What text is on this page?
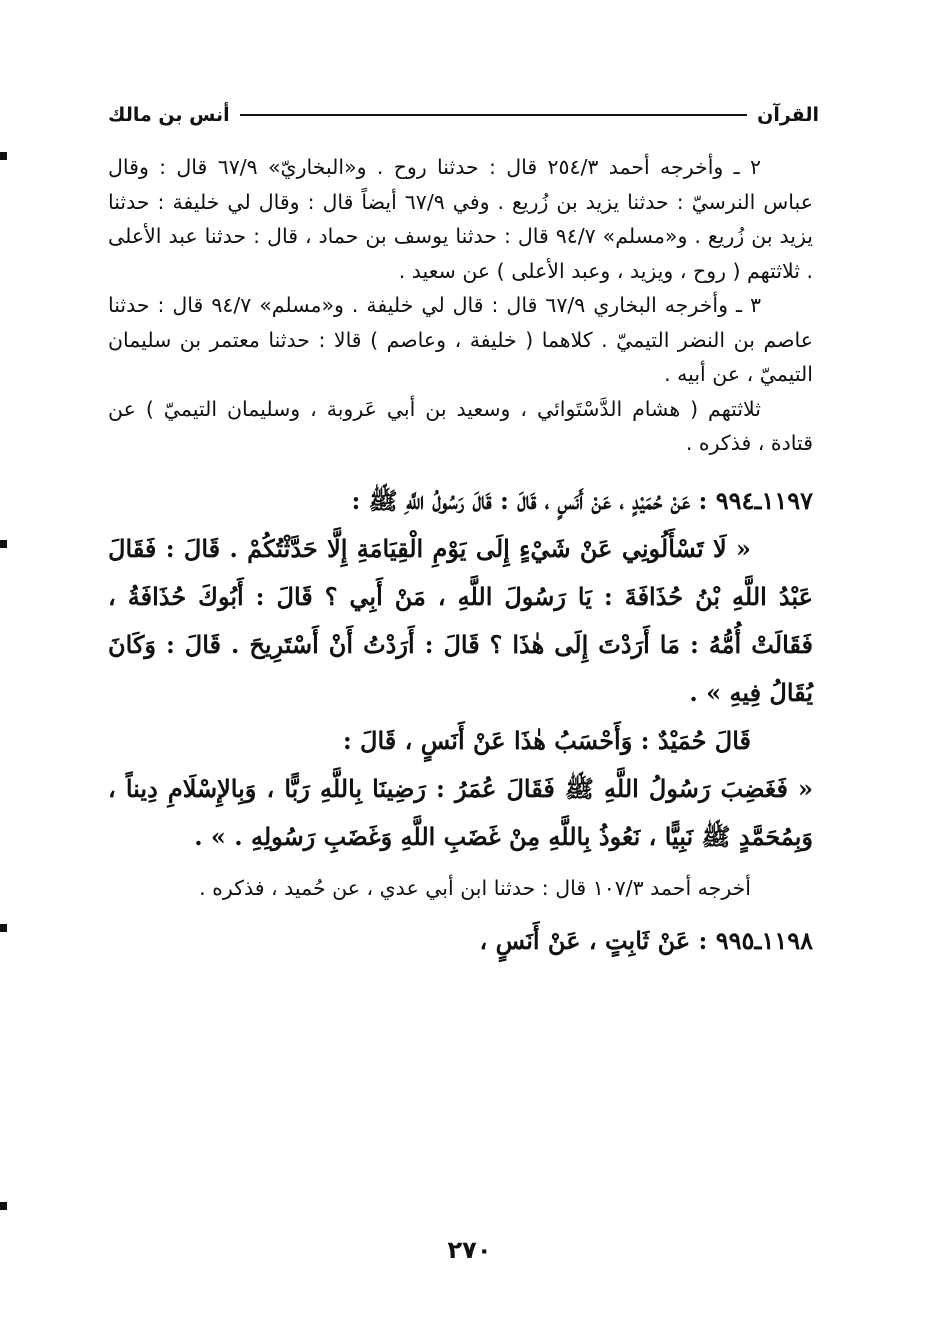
القرآن
أنس بن مالك

٢ ـ وأخرجه أحمد ٢٥٤/٣ قال : حدثنا روح . و«البخاريّ» ٦٧/٩ قال : وقال عباس النرسيّ : حدثنا يزيد بن زُريع . وفي ٦٧/٩ أيضاً قال : وقال لي خليفة : حدثنا يزيد بن زُريع . و«مسلم» ٩٤/٧ قال : حدثنا يوسف بن حماد ، قال : حدثنا عبد الأعلى . ثلاثتهم ( روح ، ويزيد ، وعبد الأعلى ) عن سعيد .

٣ ـ وأخرجه البخاري ٦٧/٩ قال : قال لي خليفة . و«مسلم» ٩٤/٧ قال : حدثنا عاصم بن النضر التيميّ . كلاهما ( خليفة ، وعاصم ) قالا : حدثنا معتمر بن سليمان التيميّ ، عن أبيه .

ثلاثتهم ( هشام الدَّسْتَوائي ، وسعيد بن أبي عَروبة ، وسليمان التيميّ ) عن قتادة ، فذكره .

١١٩٧ـ٩٩٤ : عَنْ حُمَيْدٍ ، عَنْ أَنَسٍ ، قَالَ : قَالَ رَسُولُ اللَّهِ ﷺ :

« لَا تَسْأَلُونِي عَنْ شَيْءٍ إِلَى يَوْمِ الْقِيَامَةِ إِلَّا حَدَّثْتُكُمْ . قَالَ : فَقَالَ عَبْدُ اللَّهِ بْنُ حُذَافَةَ : يَا رَسُولَ اللَّهِ ، مَنْ أَبِي ؟ قَالَ : أَبُوكَ حُذَافَةُ ، فَقَالَتْ أُمُّهُ : مَا أَرَدْتَ إِلَى هٰذَا ؟ قَالَ : أَرَدْتُ أَنْ أَسْتَرِيحَ . قَالَ : وَكَانَ يُقَالُ فِيهِ » .

قَالَ حُمَيْدٌ : وَأَحْسَبُ هٰذَا عَنْ أَنَسٍ ، قَالَ :

« فَغَضِبَ رَسُولُ اللَّهِ ﷺ فَقَالَ عُمَرُ : رَضِينَا بِاللَّهِ رَبًّا ، وَبِالإِسْلَامِ دِيناً ، وَبِمُحَمَّدٍ ﷺ نَبِيًّا ، نَعُوذُ بِاللَّهِ مِنْ غَضَبِ اللَّهِ وَغَضَبِ رَسُولِهِ . » .

أخرجه أحمد ١٠٧/٣ قال : حدثنا ابن أبي عدي ، عن حُميد ، فذكره .

١١٩٨ـ٩٩٥ : عَنْ ثَابِتٍ ، عَنْ أَنَسٍ ،

٢٧٠
